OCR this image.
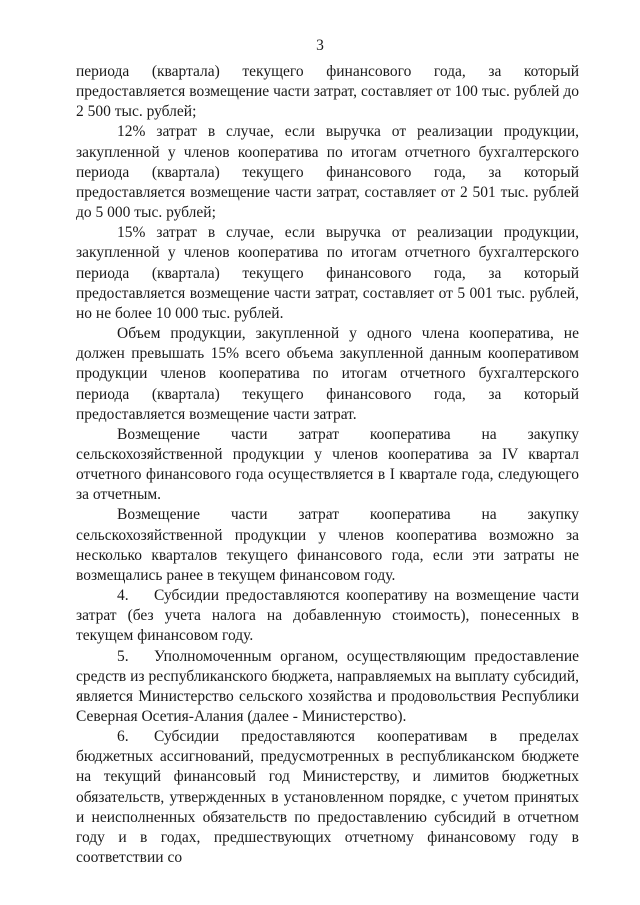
3

периода (квартала) текущего финансового года, за который предоставляется возмещение части затрат, составляет от 100 тыс. рублей до 2 500 тыс. рублей;

12% затрат в случае, если выручка от реализации продукции, закупленной у членов кооператива по итогам отчетного бухгалтерского периода (квартала) текущего финансового года, за который предоставляется возмещение части затрат, составляет от 2 501 тыс. рублей до 5 000 тыс. рублей;

15% затрат в случае, если выручка от реализации продукции, закупленной у членов кооператива по итогам отчетного бухгалтерского периода (квартала) текущего финансового года, за который предоставляется возмещение части затрат, составляет от 5 001 тыс. рублей, но не более 10 000 тыс. рублей.

Объем продукции, закупленной у одного члена кооператива, не должен превышать 15% всего объема закупленной данным кооперативом продукции членов кооператива по итогам отчетного бухгалтерского периода (квартала) текущего финансового года, за который предоставляется возмещение части затрат.

Возмещение части затрат кооператива на закупку сельскохозяйственной продукции у членов кооператива за IV квартал отчетного финансового года осуществляется в I квартале года, следующего за отчетным.

Возмещение части затрат кооператива на закупку сельскохозяйственной продукции у членов кооператива возможно за несколько кварталов текущего финансового года, если эти затраты не возмещались ранее в текущем финансовом году.

4. Субсидии предоставляются кооперативу на возмещение части затрат (без учета налога на добавленную стоимость), понесенных в текущем финансовом году.

5. Уполномоченным органом, осуществляющим предоставление средств из республиканского бюджета, направляемых на выплату субсидий, является Министерство сельского хозяйства и продовольствия Республики Северная Осетия-Алания (далее - Министерство).

6. Субсидии предоставляются кооперативам в пределах бюджетных ассигнований, предусмотренных в республиканском бюджете на текущий финансовый год Министерству, и лимитов бюджетных обязательств, утвержденных в установленном порядке, с учетом принятых и неисполненных обязательств по предоставлению субсидий в отчетном году и в годах, предшествующих отчетному финансовому году в соответствии со
